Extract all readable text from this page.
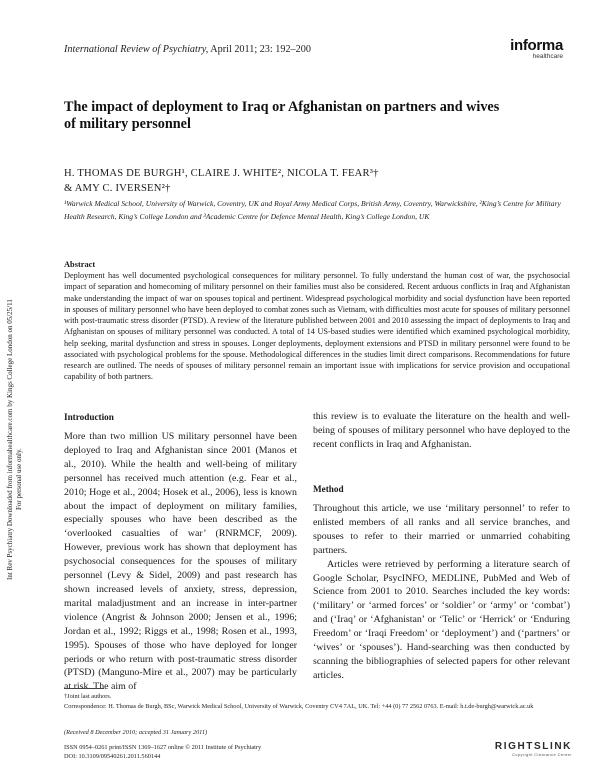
International Review of Psychiatry, April 2011; 23: 192–200	informa
healthcare
The impact of deployment to Iraq or Afghanistan on partners and wives of military personnel
H. THOMAS DE BURGH¹, CLAIRE J. WHITE², NICOLA T. FEAR³†
& AMY C. IVERSEN²†
¹Warwick Medical School, University of Warwick, Coventry, UK and Royal Army Medical Corps, British Army, Coventry, Warwickshire, ²King’s Centre for Military Health Research, King’s College London and ³Academic Centre for Defence Mental Health, King’s College London, UK
Abstract
Deployment has well documented psychological consequences for military personnel. To fully understand the human cost of war, the psychosocial impact of separation and homecoming of military personnel on their families must also be considered. Recent arduous conflicts in Iraq and Afghanistan make understanding the impact of war on spouses topical and pertinent. Widespread psychological morbidity and social dysfunction have been reported in spouses of military personnel who have been deployed to combat zones such as Vietnam, with difficulties most acute for spouses of military personnel with post-traumatic stress disorder (PTSD). A review of the literature published between 2001 and 2010 assessing the impact of deployments to Iraq and Afghanistan on spouses of military personnel was conducted. A total of 14 US-based studies were identified which examined psychological morbidity, help seeking, marital dysfunction and stress in spouses. Longer deployments, deployment extensions and PTSD in military personnel were found to be associated with psychological problems for the spouse. Methodological differences in the studies limit direct comparisons. Recommendations for future research are outlined. The needs of spouses of military personnel remain an important issue with implications for service provision and occupational capability of both partners.
Introduction

More than two million US military personnel have been deployed to Iraq and Afghanistan since 2001 (Manos et al., 2010). While the health and well-being of military personnel has received much attention (e.g. Fear et al., 2010; Hoge et al., 2004; Hosek et al., 2006), less is known about the impact of deployment on military families, especially spouses who have been described as the ‘overlooked casualties of war’ (RNRMCF, 2009). However, previous work has shown that deployment has psychosocial consequences for the spouses of military personnel (Levy & Sidel, 2009) and past research has shown increased levels of anxiety, stress, depression, marital maladjustment and an increase in inter-partner violence (Angrist & Johnson 2000; Jensen et al., 1996; Jordan et al., 1992; Riggs et al., 1998; Rosen et al., 1993, 1995). Spouses of those who have deployed for longer periods or who return with post-traumatic stress disorder (PTSD) (Manguno-Mire et al., 2007) may be particularly at risk. The aim of

this review is to evaluate the literature on the health and well-being of spouses of military personnel who have deployed to the recent conflicts in Iraq and Afghanistan.

Method

Throughout this article, we use ‘military personnel’ to refer to enlisted members of all ranks and all service branches, and spouses to refer to their married or unmarried cohabiting partners.

Articles were retrieved by performing a literature search of Google Scholar, PsycINFO, MEDLINE, PubMed and Web of Science from 2001 to 2010. Searches included the key words: (‘military’ or ‘armed forces’ or ‘soldier’ or ‘army’ or ‘combat’) and (‘Iraq’ or ‘Afghanistan’ or ‘Telic’ or ‘Herrick’ or ‘Enduring Freedom’ or ‘Iraqi Freedom’ or ‘deployment’) and (‘partners’ or ‘wives’ or ‘spouses’). Hand-searching was then conducted by scanning the bibliographies of selected papers for other relevant articles.

Int Rev Psychiatry Downloaded from informahealthcare.com by Kings College London on 05/25/11 For personal use only.
†Joint last authors.
Correspondence: H. Thomas de Burgh, BSc, Warwick Medical School, University of Warwick, Coventry CV4 7AL, UK. Tel: +44 (0) 77 2562 0763. E-mail: h.t.de-burgh@warwick.ac.uk
(Received 8 December 2010; accepted 31 January 2011)
ISSN 0954–0261 print/ISSN 1369–1627 online © 2011 Institute of Psychiatry
DOI: 10.3109/09540261.2011.560144
RIGHTSLINK
Copyright Clearance Center
